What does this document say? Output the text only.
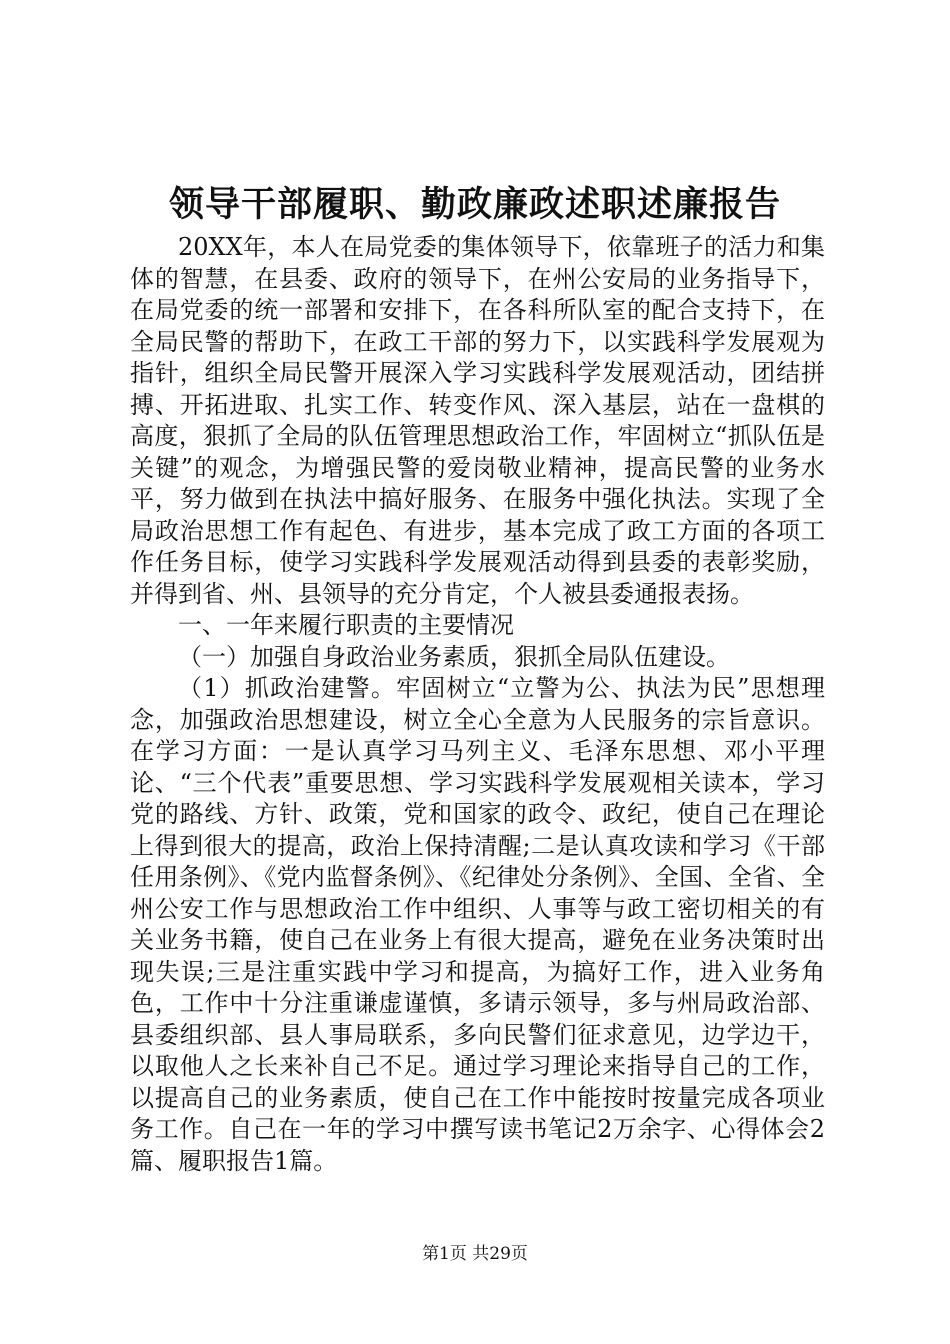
领导干部履职、勤政廉政述职述廉报告

20XX年，本人在局党委的集体领导下，依靠班子的活力和集体的智慧，在县委、政府的领导下，在州公安局的业务指导下，在局党委的统一部署和安排下，在各科所队室的配合支持下，在全局民警的帮助下，在政工干部的努力下，以实践科学发展观为指针，组织全局民警开展深入学习实践科学发展观活动，团结拼搏、开拓进取、扎实工作、转变作风、深入基层，站在一盘棋的高度，狠抓了全局的队伍管理思想政治工作，牢固树立“抓队伍是关键”的观念，为增强民警的爱岗敬业精神，提高民警的业务水平，努力做到在执法中搞好服务、在服务中强化执法。实现了全局政治思想工作有起色、有进步，基本完成了政工方面的各项工作任务目标，使学习实践科学发展观活动得到县委的表彰奖励，并得到省、州、县领导的充分肯定，个人被县委通报表扬。

一、一年来履行职责的主要情况

（一）加强自身政治业务素质，狠抓全局队伍建设。

（1）抓政治建警。牢固树立“立警为公、执法为民”思想理念，加强政治思想建设，树立全心全意为人民服务的宗旨意识。在学习方面：一是认真学习马列主义、毛泽东思想、邓小平理论、“三个代表”重要思想、学习实践科学发展观相关读本，学习党的路线、方针、政策，党和国家的政令、政纪，使自己在理论上得到很大的提高，政治上保持清醒;二是认真攻读和学习《干部任用条例》、《党内监督条例》、《纪律处分条例》、全国、全省、全州公安工作与思想政治工作中组织、人事等与政工密切相关的有关业务书籍，使自己在业务上有很大提高，避免在业务决策时出现失误;三是注重实践中学习和提高，为搞好工作，进入业务角色，工作中十分注重谦虚谨慎，多请示领导，多与州局政治部、县委组织部、县人事局联系，多向民警们征求意见，边学边干，以取他人之长来补自己不足。通过学习理论来指导自己的工作，以提高自己的业务素质，使自己在工作中能按时按量完成各项业务工作。自己在一年的学习中撰写读书笔记2万余字、心得体会2篇、履职报告1篇。

第1页 共29页
